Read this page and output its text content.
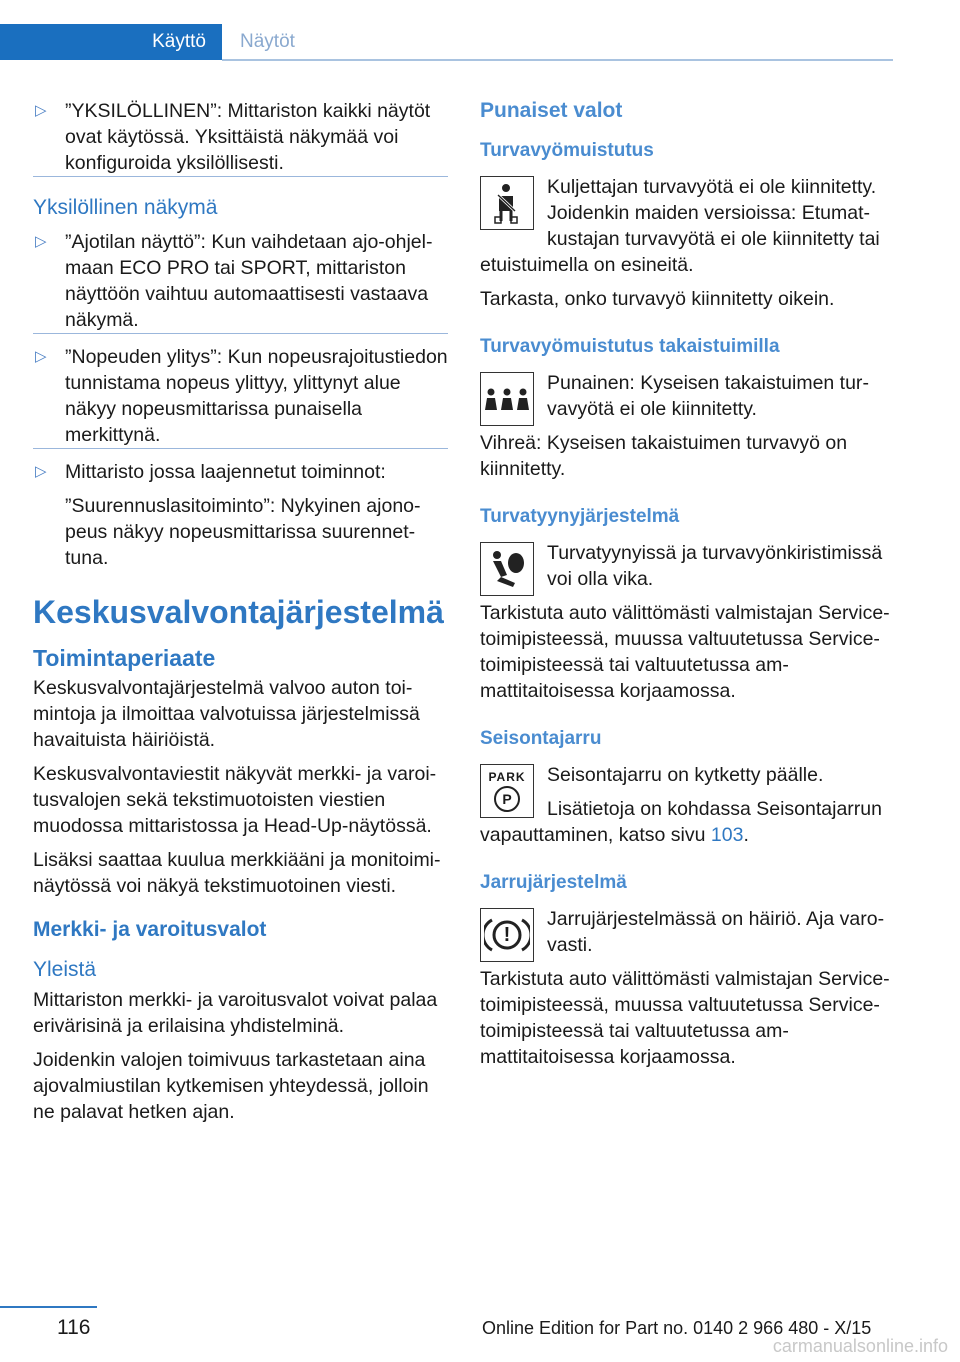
Käyttö	Näytöt
▷ ”YKSILÖLLINEN”: Mittariston kaikki näytöt ovat käytössä. Yksittäistä näkymää voi konfiguroida yksilöllisesti.
Yksilöllinen näkymä
▷ ”Ajotilan näyttö”: Kun vaihdetaan ajo-ohjelmaan ECO PRO tai SPORT, mittariston näyttöön vaihtuu automaattisesti vastaava näkymä.
▷ ”Nopeuden ylitys”: Kun nopeusrajoitustiedon tunnistama nopeus ylittyy, ylittynyt alue näkyy nopeusmittarissa punaisella merkittynä.
▷ Mittaristo jossa laajennetut toiminnot:
”Suurennuslasitoiminto”: Nykyinen ajonopeus näkyy nopeusmittarissa suurennettuna.
Keskusvalvontajärjestelmä
Toimintaperiaate
Keskusvalvontajärjestelmä valvoo auton toimintoja ja ilmoittaa valvotuissa järjestelmissä havaituista häiriöistä.
Keskusvalvontaviestit näkyvät merkki- ja varoitusvalojen sekä tekstimuotoisten viestien muodossa mittaristossa ja Head-Up-näytössä.
Lisäksi saattaa kuulua merkkiääni ja monitoiminäytössä voi näkyä tekstimuotoinen viesti.
Merkki- ja varoitusvalot
Yleistä
Mittariston merkki- ja varoitusvalot voivat palaa erivärisinä ja erilaisina yhdistelminä.
Joidenkin valojen toimivuus tarkastetaan aina ajovalmiustilan kytkemisen yhteydessä, jolloin ne palavat hetken ajan.
Punaiset valot
Turvavyömuistutus
Kuljettajan turvavyötä ei ole kiinnitetty. Joidenkin maiden versioissa: Etumatkustajan turvavyötä ei ole kiinnitetty tai etuistuimella on esineitä.
Tarkasta, onko turvavyö kiinnitetty oikein.
Turvavyömuistutus takaistuimilla
Punainen: Kyseisen takaistuimen turvavyötä ei ole kiinnitetty.
Vihreä: Kyseisen takaistuimen turvavyö on kiinnitetty.
Turvatyynyjärjestelmä
Turvatyynyissä ja turvavyönkiristimissä voi olla vika.
Tarkistuta auto välittömästi valmistajan Service-toimipisteessä, muussa valtuutetussa Service-toimipisteessä tai valtuutetussa ammattitaitoisessa korjaamossa.
Seisontajarru
PARK
P
Seisontajarru on kytketty päälle.
Lisätietoja on kohdassa Seisontajarrun vapauttaminen, katso sivu 103.
Jarrujärjestelmä
!
Jarrujärjestelmässä on häiriö. Aja varovasti.
Tarkistuta auto välittömästi valmistajan Service-toimipisteessä, muussa valtuutetussa Service-toimipisteessä tai valtuutetussa ammattitaitoisessa korjaamossa.
116	Online Edition for Part no. 0140 2 966 480 - X/15
carmanualsonline.info
